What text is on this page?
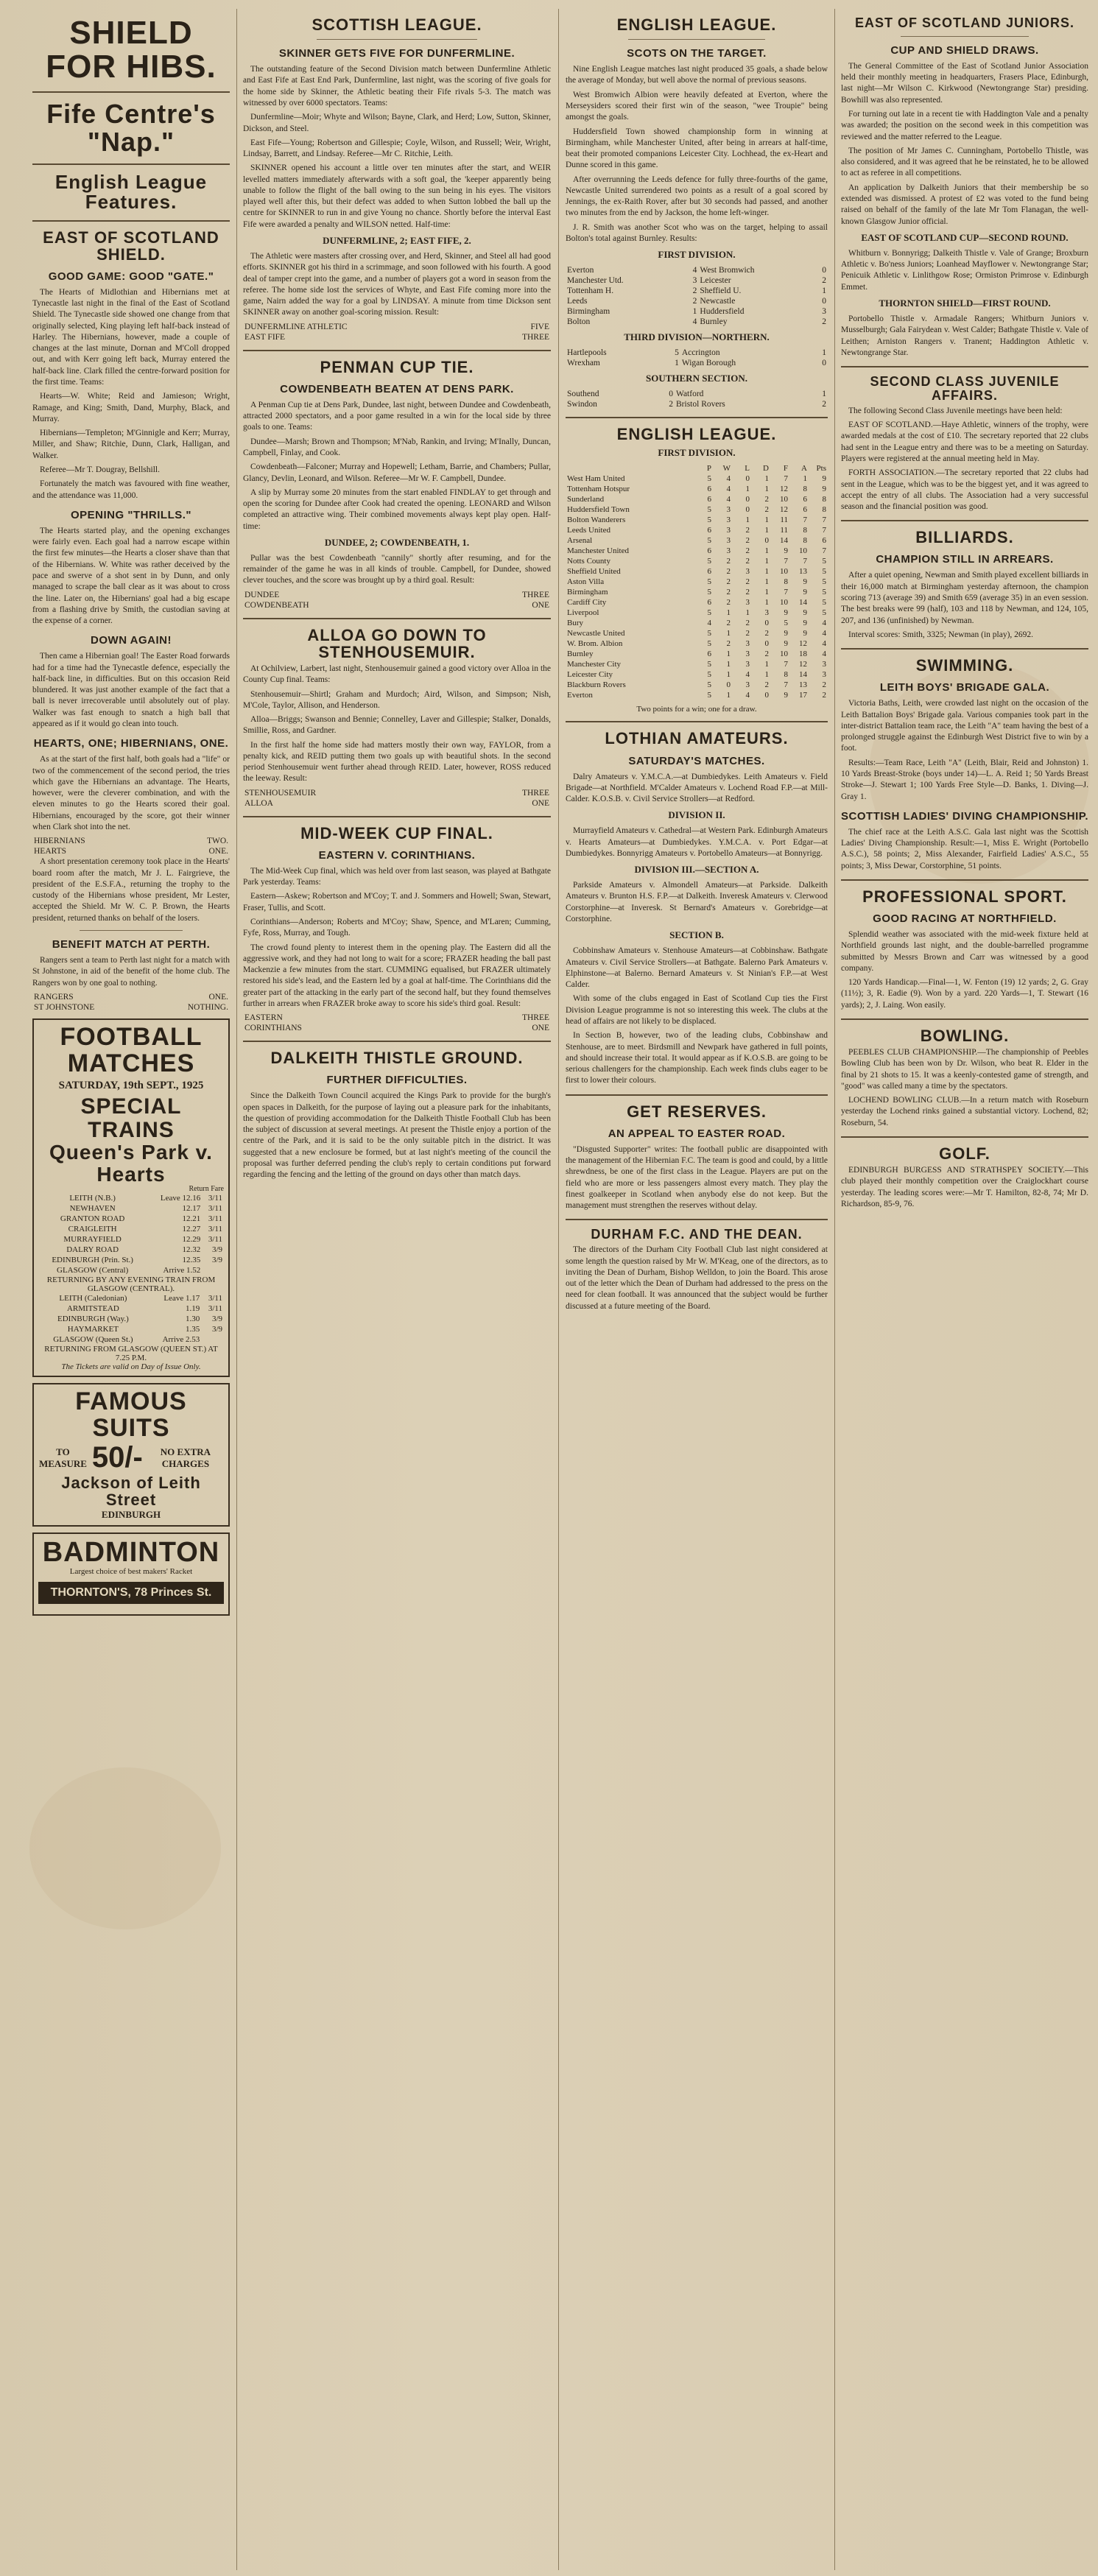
SHIELD FOR HIBS.
Fife Centre's "Nap."
English League Features.
EAST OF SCOTLAND SHIELD.
GOOD GAME: GOOD "GATE."

The Hearts of Midlothian and Hibernians met at Tynecastle last night in the final of the East of Scotland Shield. The Tynecastle side showed one change from that originally selected, King playing left half-back instead of Harley. The Hibernians, however, made a couple of changes at the last minute, Dornan and M'Coll dropped out, and with Kerr going left back, Murray entered the half-back line. Clark filled the centre-forward position for the first time. Teams:

Hearts—W. White; Reid and Jamieson; Wright, Ramage, and King; Smith, Dand, Murphy, Black, and Murray.

Hibernians—Templeton; M'Ginnigle and Kerr; Murray, Miller, and Shaw; Ritchie, Dunn, Clark, Halligan, and Walker.

Referee—Mr T. Dougray, Bellshill.

Fortunately the match was favoured with fine weather, and the attendance was 11,000.

OPENING "THRILLS."

The Hearts started play, and the opening exchanges were fairly even. Each goal had a narrow escape within the first few minutes—the Hearts a closer shave than that of the Hibernians. W. White was rather deceived by the pace and swerve of a shot sent in by Dunn, and only managed to scrape the ball clear as it was about to cross the line. Later on, the Hibernians' goal had a big escape from a flashing drive by Smith, the custodian saving at the expense of a corner.

DOWN AGAIN!

Then came a Hibernian goal! The Easter Road forwards had for a time had the Tynecastle defence, especially the half-back line, in difficulties. But on this occasion Reid blundered. It was just another example of the fact that a ball is never irrecoverable until absolutely out of play. Walker was fast enough to snatch a high ball that appeared as if it would go clean into touch.

HEARTS, ONE; HIBERNIANS, ONE.

As at the start of the first half, both goals had a "life" or two of the commencement of the second period, the tries which gave the Hibernians an advantage. The Hearts, however, were the cleverer combination, and with the eleven minutes to go the Hearts scored their goal. Hibernians, encouraged by the score, got their winner when Clark shot into the net.

HIBERNIANS	TWO.
HEARTS	ONE.

A short presentation ceremony took place in the Hearts' board room after the match, Mr J. L. Fairgrieve, the president of the E.S.F.A., returning the trophy to the custody of the Hibernians whose president, Mr Lester, accepted the Shield. Mr W. C. P. Brown, the Hearts president, returned thanks on behalf of the losers.

BENEFIT MATCH AT PERTH.

Rangers sent a team to Perth last night for a match with St Johnstone, in aid of the benefit of the home club. The Rangers won by one goal to nothing.

RANGERS	ONE.
ST JOHNSTONE	NOTHING.
FOOTBALL MATCHES
SATURDAY, 19th SEPT., 1925
SPECIAL TRAINS
Queen's Park v. Hearts
Return Fare
LEITH (N.B.)	Leave 12.16	3/11
NEWHAVEN	12.17	3/11
GRANTON ROAD	12.21	3/11
CRAIGLEITH	12.27	3/11
MURRAYFIELD	12.29	3/11
DALRY ROAD	12.32	3/9
EDINBURGH (Prin. St.)	12.35	3/9
GLASGOW (Central)	Arrive 1.52	
RETURNING BY ANY EVENING TRAIN FROM GLASGOW (CENTRAL).
LEITH (Caledonian)	Leave 1.17	3/11
ARMITSTEAD	1.19	3/11
EDINBURGH (Way.)	1.30	3/9
HAYMARKET	1.35	3/9
GLASGOW (Queen St.)	Arrive 2.53	
RETURNING FROM GLASGOW (QUEEN ST.) AT 7.25 P.M.
The Tickets are valid on Day of Issue Only.
FAMOUS SUITS
TO MEASURE 50/-	NO EXTRA CHARGES
Jackson of Leith Street
EDINBURGH
BADMINTON
Largest choice of best makers' Racket
THORNTON'S, 78 Princes St.
SCOTTISH LEAGUE.
SKINNER GETS FIVE FOR DUNFERMLINE.

The outstanding feature of the Second Division match between Dunfermline Athletic and East Fife at East End Park, Dunfermline, last night, was the scoring of five goals for the home side by Skinner, the Athletic beating their Fife rivals 5-3. The match was witnessed by over 6000 spectators. Teams:

Dunfermline—Moir; Whyte and Wilson; Bayne, Clark, and Herd; Low, Sutton, Skinner, Dickson, and Steel.

East Fife—Young; Robertson and Gillespie; Coyle, Wilson, and Russell; Weir, Wright, Lindsay, Barrett, and Lindsay. Referee—Mr C. Ritchie, Leith.

SKINNER opened his account a little over ten minutes after the start, and WEIR levelled matters immediately afterwards with a soft goal, the 'keeper apparently being unable to follow the flight of the ball owing to the sun being in his eyes. The visitors played well after this, but their defect was added to when Sutton lobbed the ball up the centre for SKINNER to run in and give Young no chance. Shortly before the interval East Fife were awarded a penalty and WILSON netted. Half-time:

DUNFERMLINE, 2; EAST FIFE, 2.

The Athletic were masters after crossing over, and Herd, Skinner, and Steel all had good efforts. SKINNER got his third in a scrimmage, and soon followed with his fourth. A good deal of tamper crept into the game, and a number of players got a word in season from the referee. The home side lost the services of Whyte, and East Fife coming more into the game, Nairn added the way for a goal by LINDSAY. A minute from time Dickson sent SKINNER away on another goal-scoring mission. Result:

DUNFERMLINE ATHLETIC	FIVE
EAST FIFE	THREE
PENMAN CUP TIE.
COWDENBEATH BEATEN AT DENS PARK.

A Penman Cup tie at Dens Park, Dundee, last night, between Dundee and Cowdenbeath, attracted 2000 spectators, and a poor game resulted in a win for the local side by three goals to one. Teams:

Dundee—Marsh; Brown and Thompson; M'Nab, Rankin, and Irving; M'Inally, Duncan, Campbell, Finlay, and Cook.

Cowdenbeath—Falconer; Murray and Hopewell; Letham, Barrie, and Chambers; Pullar, Glancy, Devlin, Leonard, and Wilson. Referee—Mr W. F. Campbell, Dundee.

A slip by Murray some 20 minutes from the start enabled FINDLAY to get through and open the scoring for Dundee after Cook had created the opening. LEONARD and Wilson completed an attractive wing. Their combined movements always kept play open. Half-time:

DUNDEE, 2; COWDENBEATH, 1.

Pullar was the best Cowdenbeath "cannily" shortly after resuming, and for the remainder of the game he was in all kinds of trouble. Campbell, for Dundee, showed clever touches, and the score was brought up by a third goal. Result:

DUNDEE	THREE
COWDENBEATH	ONE
ALLOA GO DOWN TO STENHOUSEMUIR.

At Ochilview, Larbert, last night, Stenhousemuir gained a good victory over Alloa in the County Cup final. Teams:

Stenhousemuir—Shirtl; Graham and Murdoch; Aird, Wilson, and Simpson; Nish, M'Cole, Taylor, Allison, and Henderson.

Alloa—Briggs; Swanson and Bennie; Connelley, Laver and Gillespie; Stalker, Donalds, Smillie, Ross, and Gardner.

In the first half the home side had matters mostly their own way, FAYLOR, from a penalty kick, and REID putting them two goals up with beautiful shots. In the second period Stenhousemuir went further ahead through REID. Later, however, ROSS reduced the leeway. Result:

STENHOUSEMUIR	THREE
ALLOA	ONE
MID-WEEK CUP FINAL.
EASTERN V. CORINTHIANS.

The Mid-Week Cup final, which was held over from last season, was played at Bathgate Park yesterday. Teams:

Eastern—Askew; Robertson and M'Coy; T. and J. Sommers and Howell; Swan, Stewart, Fraser, Tullis, and Scott.

Corinthians—Anderson; Roberts and M'Coy; Shaw, Spence, and M'Laren; Cumming, Fyfe, Ross, Murray, and Tough.

The crowd found plenty to interest them in the opening play. The Eastern did all the aggressive work, and they had not long to wait for a score; FRAZER heading the ball past Mackenzie a few minutes from the start. CUMMING equalised, but FRAZER ultimately restored his side's lead, and the Eastern led by a goal at half-time. The Corinthians did the greater part of the attacking in the early part of the second half, but they found themselves further in arrears when FRAZER broke away to score his side's third goal. Result:

EASTERN	THREE
CORINTHIANS	ONE
DALKEITH THISTLE GROUND.
FURTHER DIFFICULTIES.

Since the Dalkeith Town Council acquired the Kings Park to provide for the burgh's open spaces in Dalkeith, for the purpose of laying out a pleasure park for the inhabitants, the question of providing accommodation for the Dalkeith Thistle Football Club has been the subject of discussion at several meetings. At present the Thistle enjoy a portion of the centre of the Park, and it is said to be the only suitable pitch in the district. It was suggested that a new enclosure be formed, but at last night's meeting of the council the proposal was further deferred pending the club's reply to certain conditions put forward regarding the fencing and the letting of the ground on days other than match days.

ENGLISH LEAGUE.
SCOTS ON THE TARGET.

Nine English League matches last night produced 35 goals, a shade below the average of Monday, but well above the normal of previous seasons.

West Bromwich Albion were heavily defeated at Everton, where the Merseysiders scored their first win of the season, "wee Troupie" being amongst the goals.

Huddersfield Town showed championship form in winning at Birmingham, while Manchester United, after being in arrears at half-time, beat their promoted companions Leicester City. Lochhead, the ex-Heart and Dunne scored in this game.

After overrunning the Leeds defence for fully three-fourths of the game, Newcastle United surrendered two points as a result of a goal scored by Jennings, the ex-Raith Rover, after but 30 seconds had passed, and another two minutes from the end by Jackson, the home left-winger.

J. R. Smith was another Scot who was on the target, helping to assail Bolton's total against Burnley. Results:

FIRST DIVISION.
Everton	4	West Bromwich	0
Manchester Utd.	3	Leicester	2
Tottenham H.	2	Sheffield U.	1
Leeds	2	Newcastle	0
Birmingham	1	Huddersfield	3
Bolton	4	Burnley	2
THIRD DIVISION—NORTHERN.
Hartlepools	5	Accrington	1
Wrexham	1	Wigan Borough	0
SOUTHERN SECTION.
Southend	0	Watford	1
Swindon	2	Bristol Rovers	2
ENGLISH LEAGUE.
FIRST DIVISION.
	P	W	L	D	F	A	Pts
West Ham United	5	4	0	1	7	1	9
Tottenham Hotspur	6	4	1	1	12	8	9
Sunderland	6	4	0	2	10	6	8
Huddersfield Town	5	3	0	2	12	6	8
Bolton Wanderers	5	3	1	1	11	7	7
Leeds United	6	3	2	1	11	8	7
Arsenal	5	3	2	0	14	8	6
Manchester United	6	3	2	1	9	10	7
Notts County	5	2	2	1	7	7	5
Sheffield United	6	2	3	1	10	13	5
Aston Villa	5	2	2	1	8	9	5
Birmingham	5	2	2	1	7	9	5
Cardiff City	6	2	3	1	10	14	5
Liverpool	5	1	1	3	9	9	5
Bury	4	2	2	0	5	9	4
Newcastle United	5	1	2	2	9	9	4
W. Brom. Albion	5	2	3	0	9	12	4
Burnley	6	1	3	2	10	18	4
Manchester City	5	1	3	1	7	12	3
Leicester City	5	1	4	1	8	14	3
Blackburn Rovers	5	0	3	2	7	13	2
Everton	5	1	4	0	9	17	2
Two points for a win; one for a draw.
LOTHIAN AMATEURS.
SATURDAY'S MATCHES.

Dalry Amateurs v. Y.M.C.A.—at Dumbiedykes. Leith Amateurs v. Field Brigade—at Northfield. M'Calder Amateurs v. Lochend Road F.P.—at Mill-Calder. K.O.S.B. v. Civil Service Strollers—at Redford.

DIVISION II.

Murrayfield Amateurs v. Cathedral—at Western Park. Edinburgh Amateurs v. Hearts Amateurs—at Dumbiedykes. Y.M.C.A. v. Port Edgar—at Dumbiedykes. Bonnyrigg Amateurs v. Portobello Amateurs—at Bonnyrigg.

DIVISION III.—SECTION A.

Parkside Amateurs v. Almondell Amateurs—at Parkside. Dalkeith Amateurs v. Brunton H.S. F.P.—at Dalkeith. Inveresk Amateurs v. Clerwood Corstorphine—at Inveresk. St Bernard's Amateurs v. Gorebridge—at Corstorphine.

SECTION B.

Cobbinshaw Amateurs v. Stenhouse Amateurs—at Cobbinshaw. Bathgate Amateurs v. Civil Service Strollers—at Bathgate. Balerno Park Amateurs v. Elphinstone—at Balerno. Bernard Amateurs v. St Ninian's F.P.—at West Calder.

With some of the clubs engaged in East of Scotland Cup ties the First Division League programme is not so interesting this week. The clubs at the head of affairs are not likely to be displaced.

In Section B, however, two of the leading clubs, Cobbinshaw and Stenhouse, are to meet. Birdsmill and Newpark have gathered in full points, and should increase their total. It would appear as if K.O.S.B. are going to be serious challengers for the championship. Each week finds clubs eager to be first to lower their colours.

GET RESERVES.
AN APPEAL TO EASTER ROAD.

"Disgusted Supporter" writes: The football public are disappointed with the management of the Hibernian F.C. The team is good and could, by a little shrewdness, be one of the first class in the League. Players are put on the field who are more or less passengers almost every match. They play the finest goalkeeper in Scotland when anybody else do not keep. But the management must strengthen the reserves without delay.

DURHAM F.C. AND THE DEAN.

The directors of the Durham City Football Club last night considered at some length the question raised by Mr W. M'Keag, one of the directors, as to inviting the Dean of Durham, Bishop Welldon, to join the Board. This arose out of the letter which the Dean of Durham had addressed to the press on the need for clean football. It was announced that the subject would be further discussed at a future meeting of the Board.

EAST OF SCOTLAND JUNIORS.
CUP AND SHIELD DRAWS.

The General Committee of the East of Scotland Junior Association held their monthly meeting in headquarters, Frasers Place, Edinburgh, last night—Mr Wilson C. Kirkwood (Newtongrange Star) presiding. Bowhill was also represented.

For turning out late in a recent tie with Haddington Vale and a penalty was awarded; the position on the second week in this competition was reviewed and the matter referred to the League.

The position of Mr James C. Cunningham, Portobello Thistle, was also considered, and it was agreed that he be reinstated, he to be allowed to act as referee in all competitions.

An application by Dalkeith Juniors that their membership be so extended was dismissed. A protest of £2 was voted to the fund being raised on behalf of the family of the late Mr Tom Flanagan, the well-known Glasgow Junior official.

EAST OF SCOTLAND CUP—SECOND ROUND.

Whitburn v. Bonnyrigg; Dalkeith Thistle v. Vale of Grange; Broxburn Athletic v. Bo'ness Juniors; Loanhead Mayflower v. Newtongrange Star; Penicuik Athletic v. Linlithgow Rose; Ormiston Primrose v. Edinburgh Emmet.

THORNTON SHIELD—FIRST ROUND.

Portobello Thistle v. Armadale Rangers; Whitburn Juniors v. Musselburgh; Gala Fairydean v. West Calder; Bathgate Thistle v. Vale of Leithen; Arniston Rangers v. Tranent; Haddington Athletic v. Newtongrange Star.

SECOND CLASS JUVENILE AFFAIRS.

The following Second Class Juvenile meetings have been held:

EAST OF SCOTLAND.—Haye Athletic, winners of the trophy, were awarded medals at the cost of £10. The secretary reported that 22 clubs had sent in the League entry and there was to be a meeting on Saturday. Players were registered at the annual meeting held in May.

FORTH ASSOCIATION.—The secretary reported that 22 clubs had sent in the League, which was to be the biggest yet, and it was agreed to accept the entry of all clubs. The Association had a very successful season and the financial position was good.

BILLIARDS.
CHAMPION STILL IN ARREARS.

After a quiet opening, Newman and Smith played excellent billiards in their 16,000 match at Birmingham yesterday afternoon, the champion scoring 713 (average 39) and Smith 659 (average 35) in an even session. The best breaks were 99 (half), 103 and 118 by Newman, and 124, 105, 207, and 136 (unfinished) by Newman.

Interval scores: Smith, 3325; Newman (in play), 2692.

SWIMMING.
LEITH BOYS' BRIGADE GALA.

Victoria Baths, Leith, were crowded last night on the occasion of the Leith Battalion Boys' Brigade gala. Various companies took part in the inter-district Battalion team race, the Leith "A" team having the best of a prolonged struggle against the Edinburgh West District five to win by a foot.

Results:—Team Race, Leith "A" (Leith, Blair, Reid and Johnston) 1. 10 Yards Breast-Stroke (boys under 14)—L. A. Reid 1; 50 Yards Breast Stroke—J. Stewart 1; 100 Yards Free Style—D. Banks, 1. Diving—J. Gray 1.

SCOTTISH LADIES' DIVING CHAMPIONSHIP.

The chief race at the Leith A.S.C. Gala last night was the Scottish Ladies' Diving Championship. Result:—1, Miss E. Wright (Portobello A.S.C.), 58 points; 2, Miss Alexander, Fairfield Ladies' A.S.C., 55 points; 3, Miss Dewar, Corstorphine, 51 points.

PROFESSIONAL SPORT.
GOOD RACING AT NORTHFIELD.

Splendid weather was associated with the mid-week fixture held at Northfield grounds last night, and the double-barrelled programme submitted by Messrs Brown and Carr was witnessed by a good company.

120 Yards Handicap.—Final—1, W. Fenton (19) 12 yards; 2, G. Gray (11½); 3, R. Eadie (9). Won by a yard. 220 Yards—1, T. Stewart (16 yards); 2, J. Laing. Won easily.

BOWLING.

PEEBLES CLUB CHAMPIONSHIP.—The championship of Peebles Bowling Club has been won by Dr. Wilson, who beat R. Elder in the final by 21 shots to 15. It was a keenly-contested game of strength, and "good" was called many a time by the spectators.

LOCHEND BOWLING CLUB.—In a return match with Roseburn yesterday the Lochend rinks gained a substantial victory. Lochend, 82; Roseburn, 54.

GOLF.

EDINBURGH BURGESS AND STRATHSPEY SOCIETY.—This club played their monthly competition over the Craiglockhart course yesterday. The leading scores were:—Mr T. Hamilton, 82-8, 74; Mr D. Richardson, 85-9, 76.
